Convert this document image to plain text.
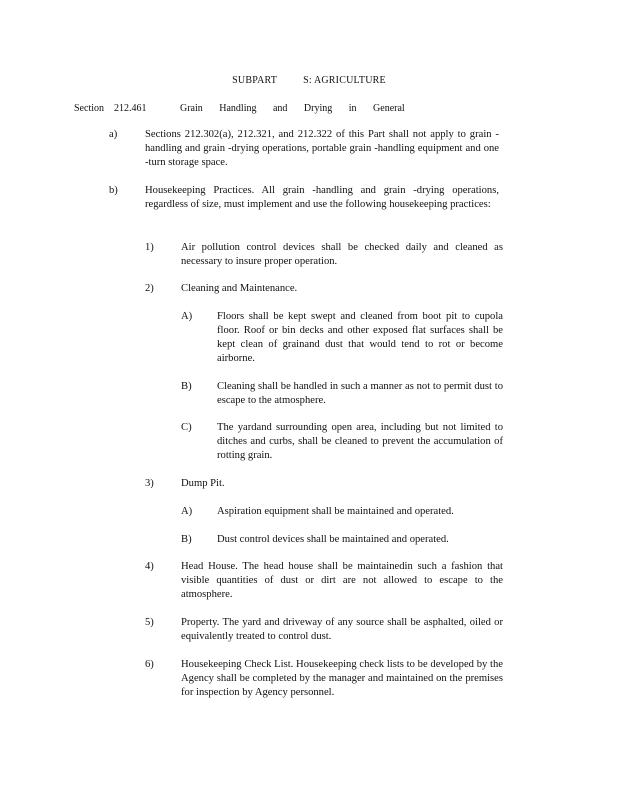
SUBPART	S: AGRICULTURE
Section 212.461	Grain Handling and Drying in General
a)	Sections 212.302(a), 212.321, and 212.322 of this Part shall not apply to grain -handling and grain -drying operations, portable grain -handling equipment and one -turn storage space.
b)	Housekeeping Practices. All grain -handling and grain -drying operations, regardless of size, must implement and use the following housekeeping practices:
1)	Air pollution control devices shall be checked daily and cleaned as necessary to insure proper operation.
2)	Cleaning and Maintenance.
A) Floors shall be kept swept and cleaned from boot pit to cupola floor. Roof or bin decks and other exposed flat surfaces shall be kept clean of grainand dust that would tend to rot or become airborne.
B) Cleaning shall be handled in such a manner as not to permit dust to escape to the atmosphere.
C) The yardand surrounding open area, including but not limited to ditches and curbs, shall be cleaned to prevent the accumulation of rotting grain.
3)	Dump Pit.
A) Aspiration equipment shall be maintained and operated.
B) Dust control devices shall be maintained and operated.
4)	Head House. The head house shall be maintainedin such a fashion that visible quantities of dust or dirt are not allowed to escape to the atmosphere.
5)	Property. The yard and driveway of any source shall be asphalted, oiled or equivalently treated to control dust.
6)	Housekeeping Check List. Housekeeping check lists to be developed by the Agency shall be completed by the manager and maintained on the premises for inspection by Agency personnel.
